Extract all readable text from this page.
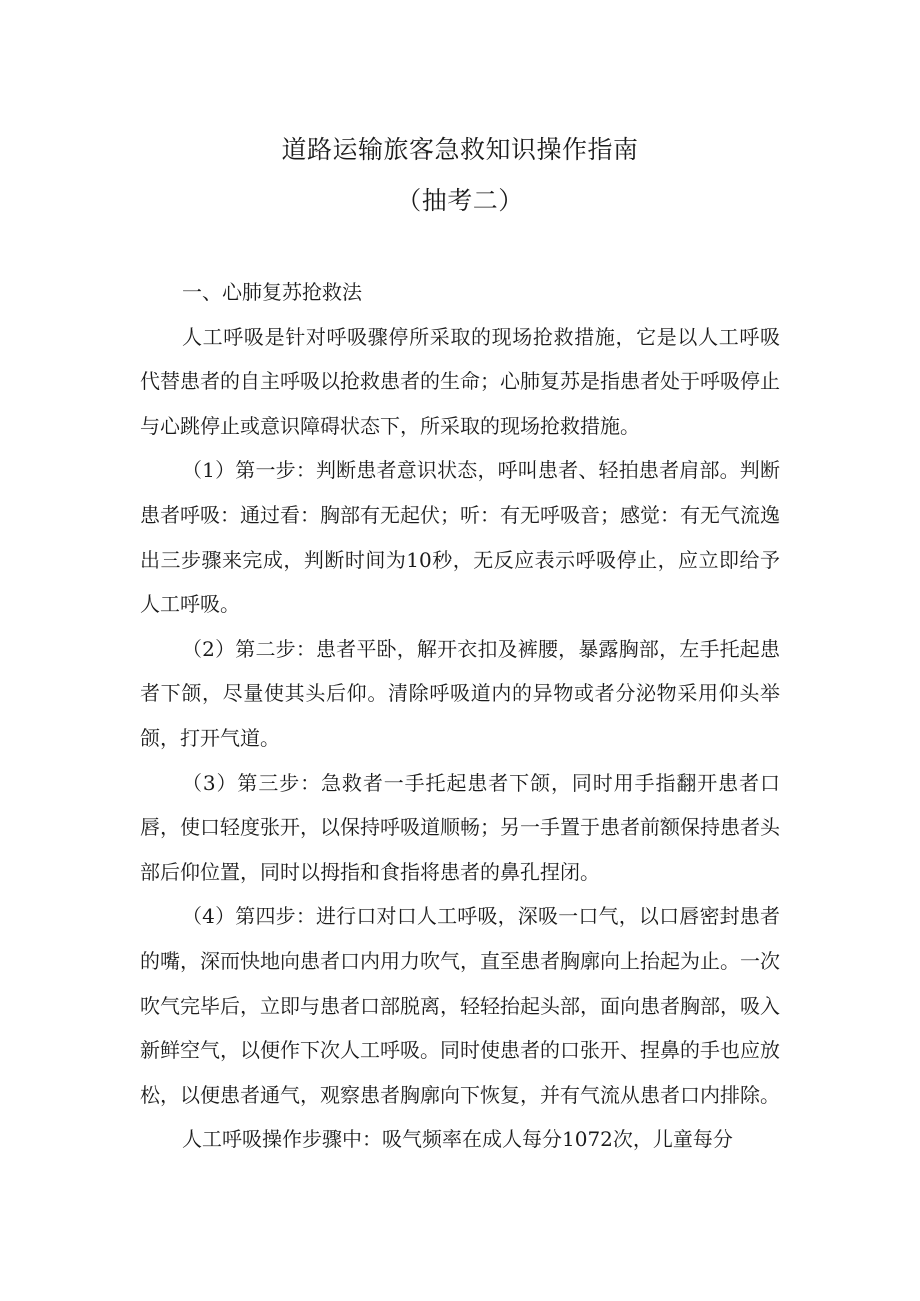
道路运输旅客急救知识操作指南
（抽考二）

一、心肺复苏抢救法

人工呼吸是针对呼吸骤停所采取的现场抢救措施，它是以人工呼吸代替患者的自主呼吸以抢救患者的生命；心肺复苏是指患者处于呼吸停止与心跳停止或意识障碍状态下，所采取的现场抢救措施。

（1）第一步：判断患者意识状态，呼叫患者、轻拍患者肩部。判断患者呼吸：通过看：胸部有无起伏；听：有无呼吸音；感觉：有无气流逸出三步骤来完成，判断时间为10秒，无反应表示呼吸停止，应立即给予人工呼吸。

（2）第二步：患者平卧，解开衣扣及裤腰，暴露胸部，左手托起患者下颌，尽量使其头后仰。清除呼吸道内的异物或者分泌物采用仰头举颌，打开气道。

（3）第三步：急救者一手托起患者下颌，同时用手指翻开患者口唇，使口轻度张开，以保持呼吸道顺畅；另一手置于患者前额保持患者头部后仰位置，同时以拇指和食指将患者的鼻孔捏闭。

（4）第四步：进行口对口人工呼吸，深吸一口气，以口唇密封患者的嘴，深而快地向患者口内用力吹气，直至患者胸廓向上抬起为止。一次吹气完毕后，立即与患者口部脱离，轻轻抬起头部，面向患者胸部，吸入新鲜空气，以便作下次人工呼吸。同时使患者的口张开、捏鼻的手也应放松，以便患者通气，观察患者胸廓向下恢复，并有气流从患者口内排除。

人工呼吸操作步骤中：吸气频率在成人每分1072次，儿童每分
